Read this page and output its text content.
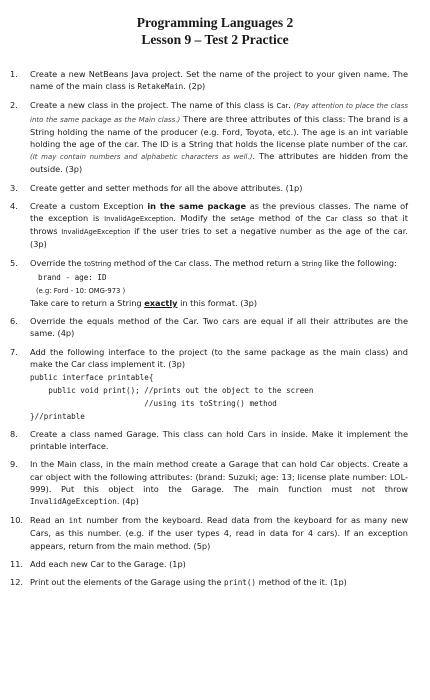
Programming Languages 2
Lesson 9 – Test 2 Practice
1.	Create a new NetBeans Java project. Set the name of the project to your given name. The name of the main class is RetakeMain. (2p)
2.	Create a new class in the project. The name of this class is Car. (Pay attention to place the class into the same package as the Main class.) There are three attributes of this class: The brand is a String holding the name of the producer (e.g. Ford, Toyota, etc.). The age is an int variable holding the age of the car. The ID is a String that holds the license plate number of the car. (It may contain numbers and alphabetic characters as well.). The attributes are hidden from the outside. (3p)
3.	Create getter and setter methods for all the above attributes. (1p)
4.	Create a custom Exception in the same package as the previous classes. The name of the exception is InvalidAgeException. Modify the setAge method of the Car class so that it throws InvalidAgeException if the user tries to set a negative number as the age of the car. (3p)
5.	Override the toString method of the Car class. The method return a String like the following:
brand - age: ID
(e.g: Ford - 10: OMG-973 )
Take care to return a String exactly in this format. (3p)
6.	Override the equals method of the Car. Two cars are equal if all their attributes are the same. (4p)
7.	Add the following interface to the project (to the same package as the main class) and make the Car class implement it. (3p)
public interface printable{
public void print(); //prints out the object to the screen
//using its toString() method
}//printable
8.	Create a class named Garage. This class can hold Cars in inside. Make it implement the printable interface.
9.	In the Main class, in the main method create a Garage that can hold Car objects. Create a car object with the following attributes: (brand: Suzuki; age: 13; license plate number: LOL-999). Put this object into the Garage. The main function must not throw InvalidAgeException. (4p)
10. Read an int number from the keyboard. Read data from the keyboard for as many new Cars, as this number. (e.g. if the user types 4, read in data for 4 cars). If an exception appears, return from the main method. (5p)
11. Add each new Car to the Garage. (1p)
12. Print out the elements of the Garage using the print() method of the it. (1p)
